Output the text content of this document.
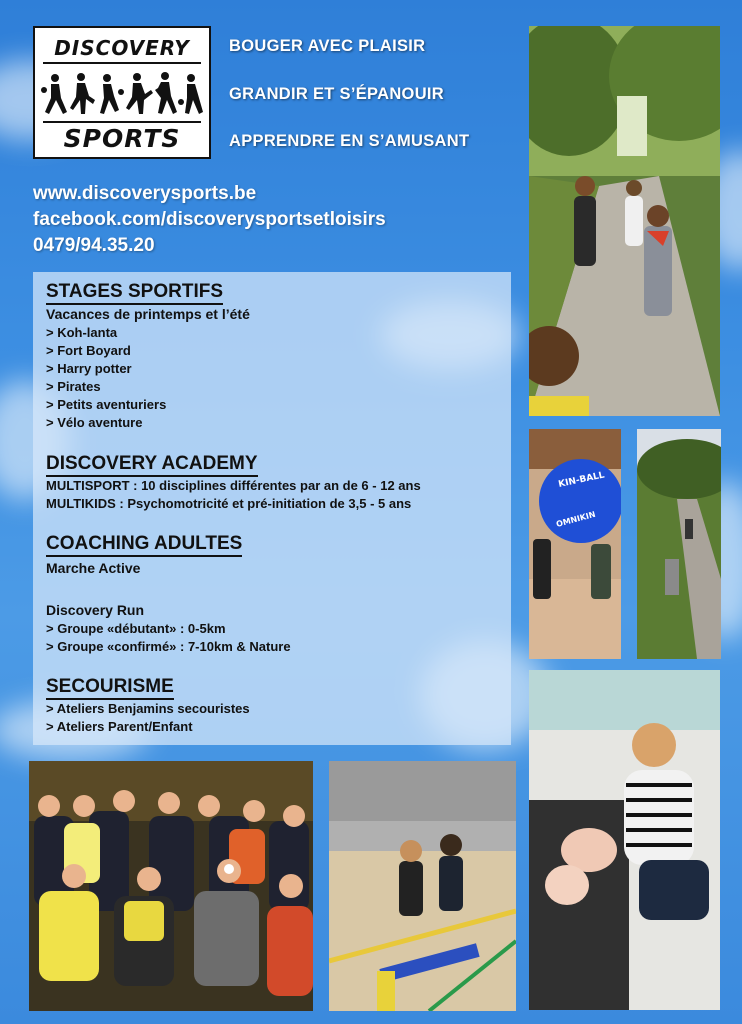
DISCOVERY
SPORTS
BOUGER AVEC PLAISIR
GRANDIR ET S’ÉPANOUIR
APPRENDRE EN S’AMUSANT
www.discoverysports.be
facebook.com/discoverysportsetloisirs
0479/94.35.20
STAGES SPORTIFS
Vacances de printemps et l’été
> Koh-lanta
> Fort Boyard
> Harry potter
> Pirates
> Petits aventuriers
> Vélo aventure
DISCOVERY ACADEMY
MULTISPORT : 10 disciplines différentes par an de 6 - 12 ans
MULTIKIDS : Psychomotricité et pré-initiation de 3,5 - 5 ans
COACHING ADULTES
Marche Active
Discovery Run
> Groupe «débutant» : 0-5km
> Groupe «confirmé» : 7-10km & Nature
SECOURISME
> Ateliers Benjamins secouristes
> Ateliers Parent/Enfant
KIN-BALL
OMNIKIN
